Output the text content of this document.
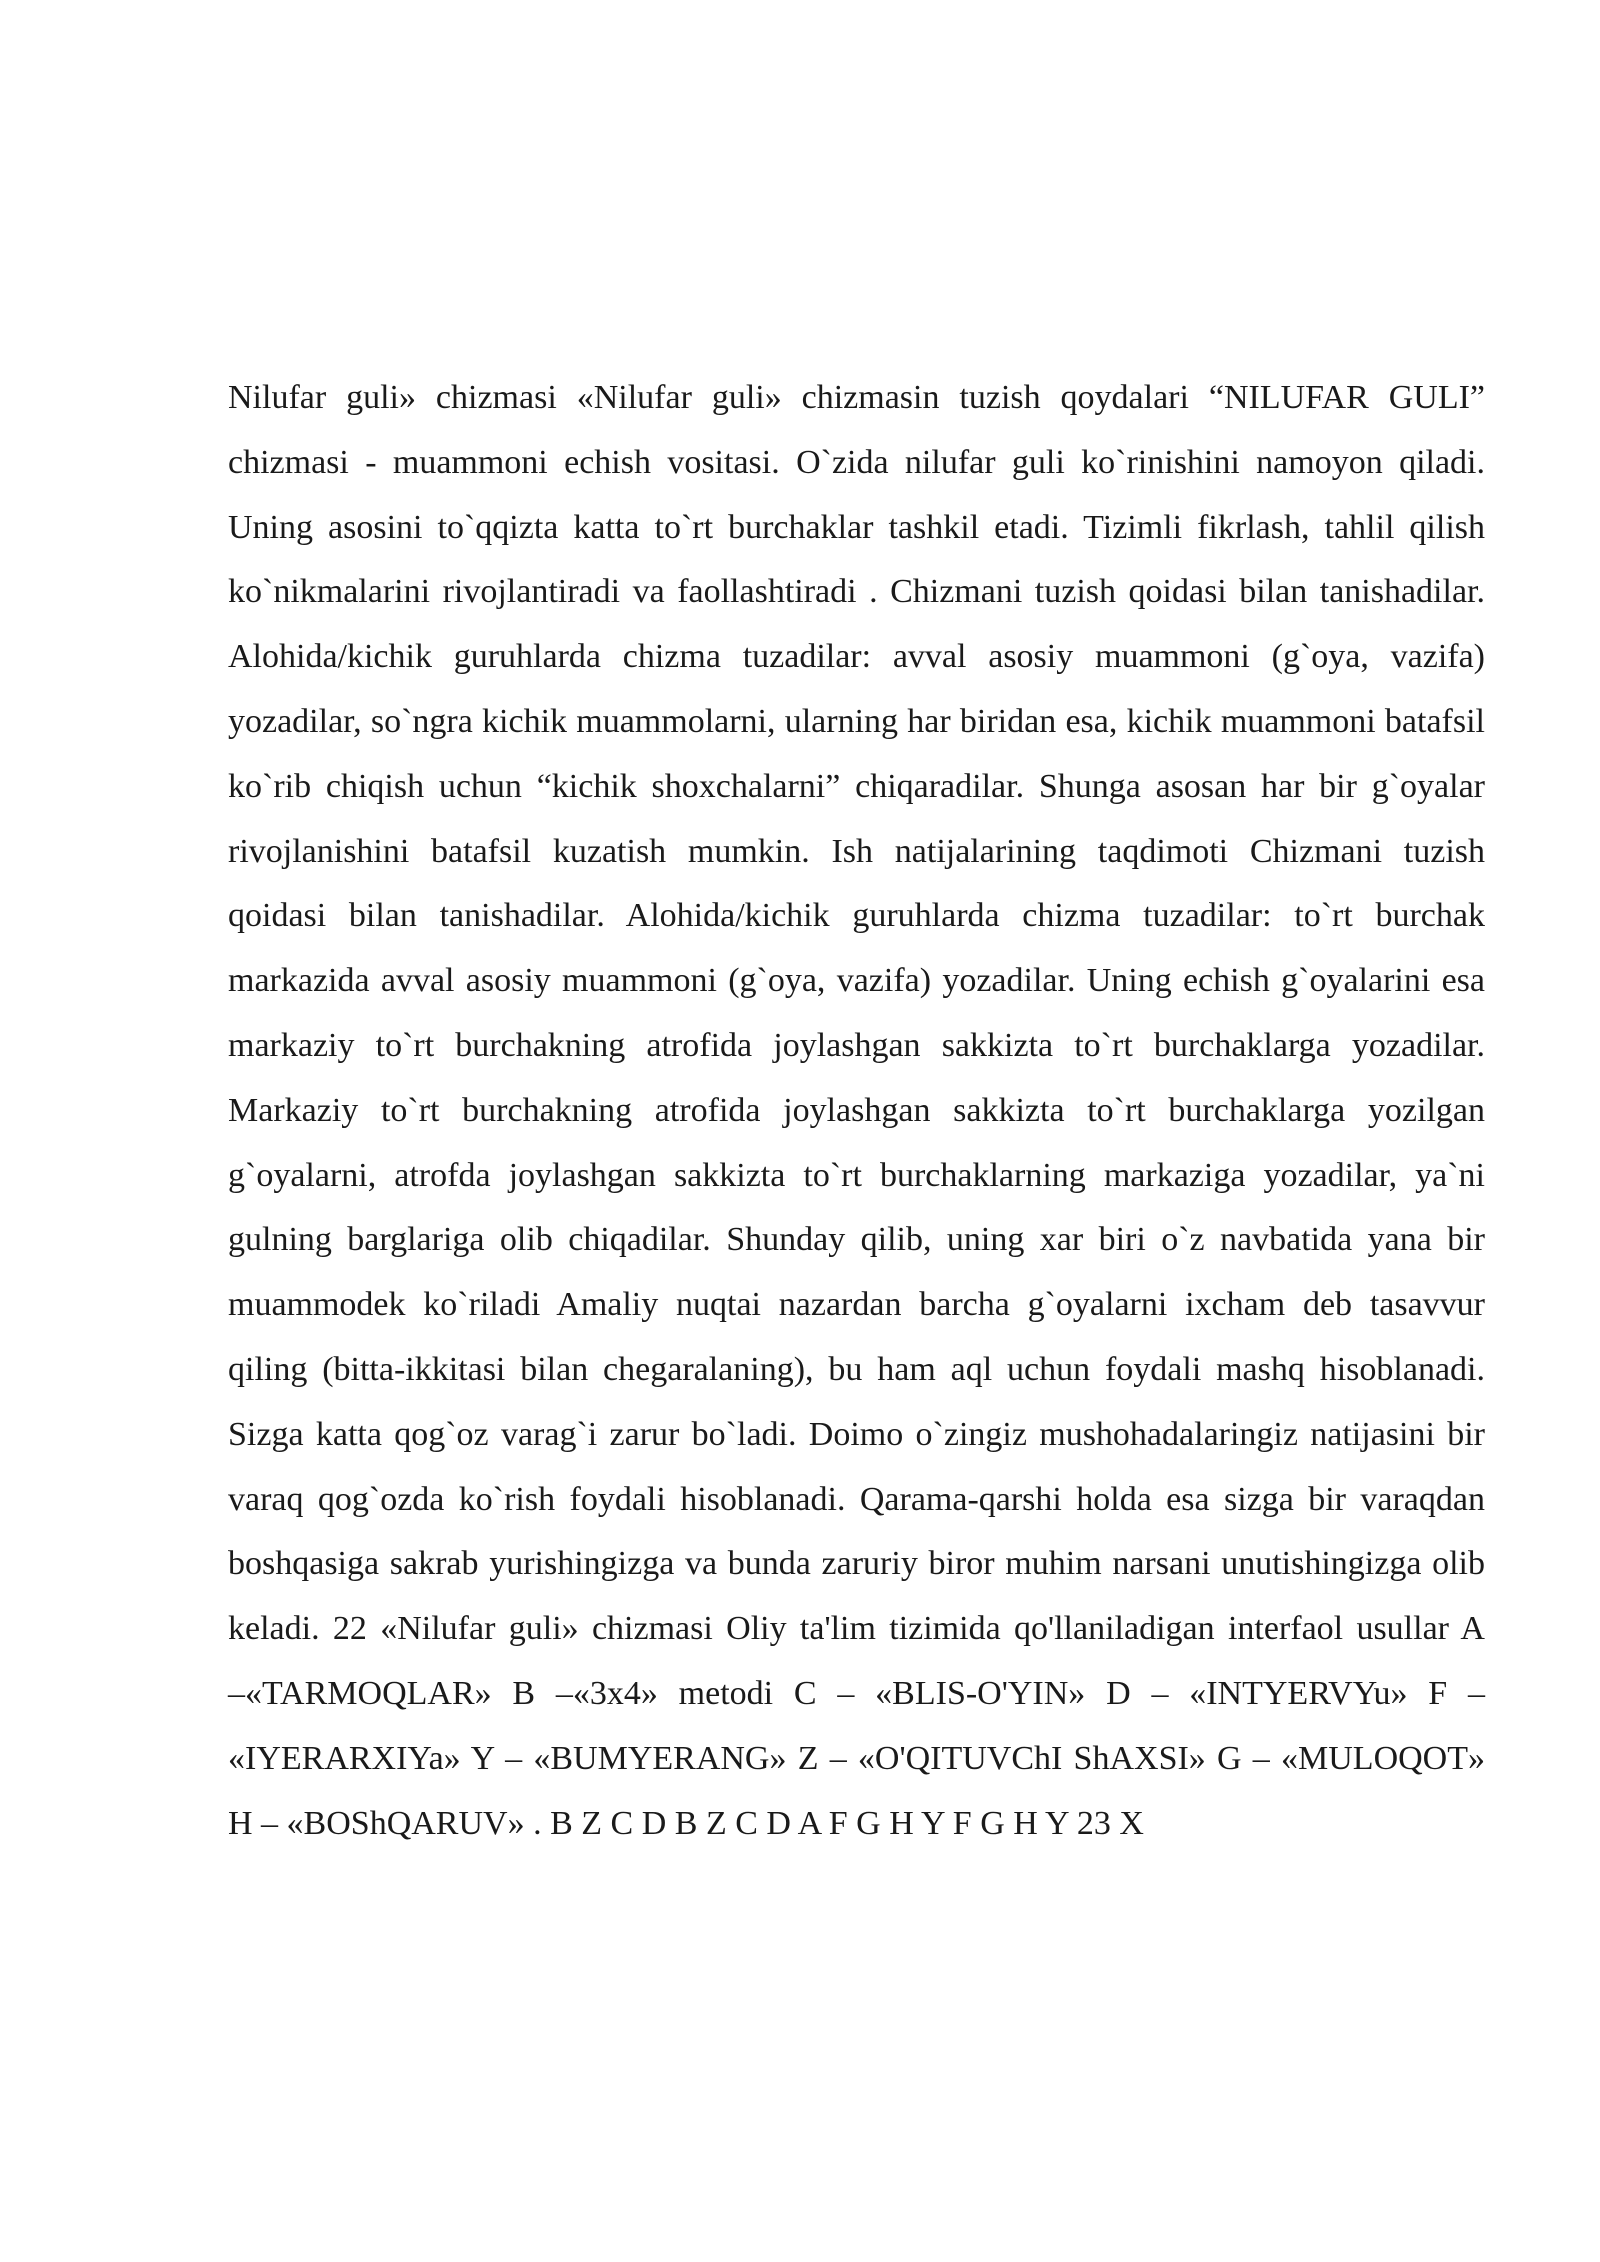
Nilufar guli» chizmasi «Nilufar guli» chizmasin tuzish qoydalari “NILUFAR GULI” chizmasi - muammoni echish vositasi. O`zida nilufar guli ko`rinishini namoyon qiladi. Uning asosini to`qqizta katta to`rt burchaklar tashkil etadi. Tizimli fikrlash, tahlil qilish ko`nikmalarini rivojlantiradi va faollashtiradi . Chizmani tuzish qoidasi bilan tanishadilar. Alohida/kichik guruhlarda chizma tuzadilar: avval asosiy muammoni (g`oya, vazifa) yozadilar, so`ngra kichik muammolarni, ularning har biridan esa, kichik muammoni batafsil ko`rib chiqish uchun “kichik shoxchalarni” chiqaradilar. Shunga asosan har bir g`oyalar rivojlanishini batafsil kuzatish mumkin. Ish natijalarining taqdimoti Chizmani tuzish qoidasi bilan tanishadilar. Alohida/kichik guruhlarda chizma tuzadilar: to`rt burchak markazida avval asosiy muammoni (g`oya, vazifa) yozadilar. Uning echish g`oyalarini esa markaziy to`rt burchakning atrofida joylashgan sakkizta to`rt burchaklarga yozadilar. Markaziy to`rt burchakning atrofida joylashgan sakkizta to`rt burchaklarga yozilgan g`oyalarni, atrofda joylashgan sakkizta to`rt burchaklarning markaziga yozadilar, ya`ni gulning barglariga olib chiqadilar. Shunday qilib, uning xar biri o`z navbatida yana bir muammodek ko`riladi Amaliy nuqtai nazardan barcha g`oyalarni ixcham deb tasavvur qiling (bitta-ikkitasi bilan chegaralaning), bu ham aql uchun foydali mashq hisoblanadi. Sizga katta qog`oz varag`i zarur bo`ladi. Doimo o`zingiz mushohadalaringiz natijasini bir varaq qog`ozda ko`rish foydali hisoblanadi. Qarama-qarshi holda esa sizga bir varaqdan boshqasiga sakrab yurishingizga va bunda zaruriy biror muhim narsani unutishingizga olib keladi. 22 «Nilufar guli» chizmasi Oliy ta'lim tizimida qo'llaniladigan interfaol usullar A –«TARMOQLAR» B –«3x4» metodi C – «BLIS-O'YIN» D – «INTYERVYu» F – «IYERARXIYa» Y – «BUMYERANG» Z – «O'QITUVChI ShAXSI» G – «MULOQOT» H – «BOShQARUV» . B Z C D B Z C D A F G H Y F G H Y 23 X
